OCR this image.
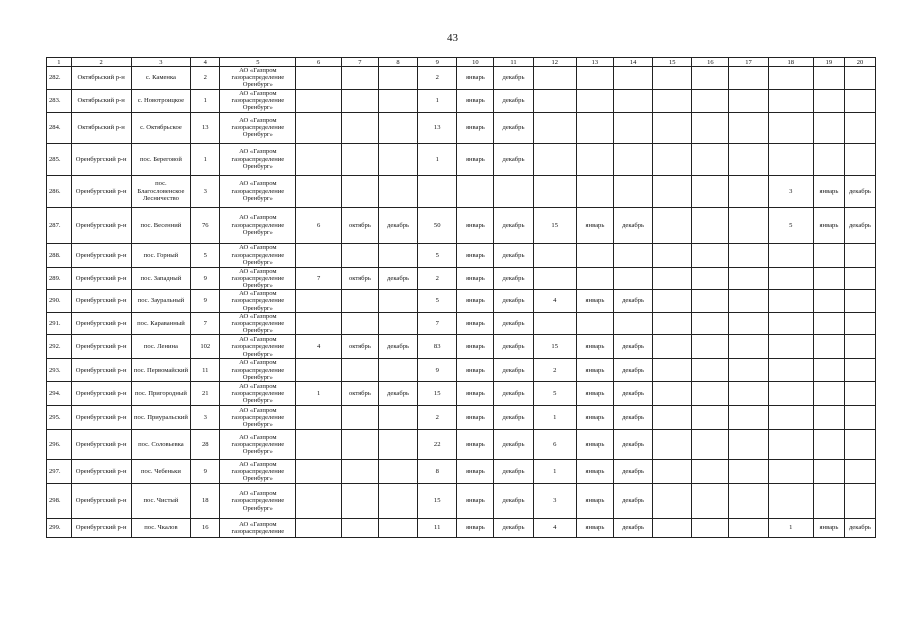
43
1	2	3	4	5	6	7	8	9	10	11	12	13	14	15	16	17	18	19	20
282.	Октябрьский р-н	с. Каменка	2	АО «Газпром газораспределение Оренбург»				2	январь	декабрь									
283.	Октябрьский р-н	с. Новотроицкое	1	АО «Газпром газораспределение Оренбург»				1	январь	декабрь									
284.	Октябрьский р-н	с. Октябрьское	13	АО «Газпром газораспределение Оренбург»				13	январь	декабрь									
285.	Оренбургский р-н	пос. Береговой	1	АО «Газпром газораспределение Оренбург»				1	январь	декабрь									
286.	Оренбургский р-н	пос. Благословенское Лесничество	3	АО «Газпром газораспределение Оренбург»													3	январь	декабрь
287.	Оренбургский р-н	пос. Весенний	76	АО «Газпром газораспределение Оренбург»	6	октябрь	декабрь	50	январь	декабрь	15	январь	декабрь				5	январь	декабрь
288.	Оренбургский р-н	пос. Горный	5	АО «Газпром газораспределение Оренбург»				5	январь	декабрь									
289.	Оренбургский р-н	пос. Западный	9	АО «Газпром газораспределение Оренбург»	7	октябрь	декабрь	2	январь	декабрь									
290.	Оренбургский р-н	пос. Зауральный	9	АО «Газпром газораспределение Оренбург»				5	январь	декабрь	4	январь	декабрь						
291.	Оренбургский р-н	пос. Караванный	7	АО «Газпром газораспределение Оренбург»				7	январь	декабрь									
292.	Оренбургский р-н	пос. Ленина	102	АО «Газпром газораспределение Оренбург»	4	октябрь	декабрь	83	январь	декабрь	15	январь	декабрь						
293.	Оренбургский р-н	пос. Первомайский	11	АО «Газпром газораспределение Оренбург»				9	январь	декабрь	2	январь	декабрь						
294.	Оренбургский р-н	пос. Пригородный	21	АО «Газпром газораспределение Оренбург»	1	октябрь	декабрь	15	январь	декабрь	5	январь	декабрь						
295.	Оренбургский р-н	пос. Приуральский	3	АО «Газпром газораспределение Оренбург»				2	январь	декабрь	1	январь	декабрь						
296.	Оренбургский р-н	пос. Соловьевка	28	АО «Газпром газораспределение Оренбург»				22	январь	декабрь	6	январь	декабрь						
297.	Оренбургский р-н	пос. Чебеньки	9	АО «Газпром газораспределение Оренбург»				8	январь	декабрь	1	январь	декабрь						
298.	Оренбургский р-н	пос. Чистый	18	АО «Газпром газораспределение Оренбург»				15	январь	декабрь	3	январь	декабрь						
299.	Оренбургский р-н	пос. Чкалов	16	АО «Газпром газораспределение				11	январь	декабрь	4	январь	декабрь				1	январь	декабрь
